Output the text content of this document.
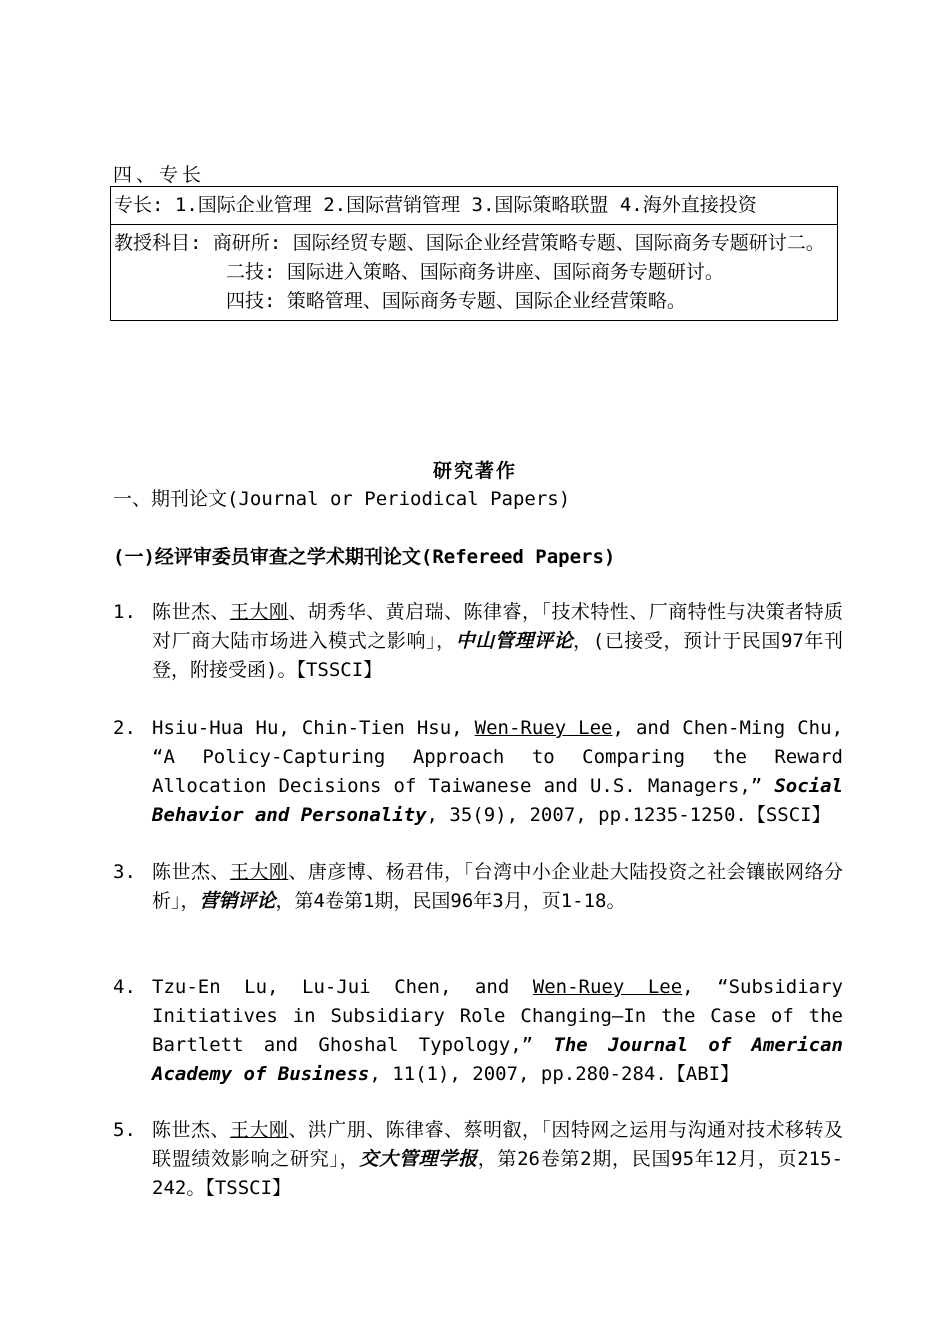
四、专长
专长: 1.国际企业管理 2.国际营销管理 3.国际策略联盟 4.海外直接投资
教授科目: 商研所: 国际经贸专题、国际企业经营策略专题、国际商务专题研讨二。
二技: 国际进入策略、国际商务讲座、国际商务专题研讨。
四技: 策略管理、国际商务专题、国际企业经营策略。
研究著作
一、期刊论文(Journal or Periodical Papers)
(一)经评审委员审查之学术期刊论文(Refereed Papers)
1. 陈世杰、王大刚、胡秀华、黄启瑞、陈律睿，「技术特性、厂商特性与决策者特质对厂商大陆市场进入模式之影响」，中山管理评论，(已接受，预计于民国97年刊登，附接受函)。【TSSCI】
2. Hsiu-Hua Hu, Chin-Tien Hsu, Wen-Ruey Lee, and Chen-Ming Chu, “A Policy-Capturing Approach to Comparing the Reward Allocation Decisions of Taiwanese and U.S. Managers,” Social Behavior and Personality, 35(9), 2007, pp.1235-1250.【SSCI】
3. 陈世杰、王大刚、唐彦博、杨君伟，「台湾中小企业赴大陆投资之社会镶嵌网络分析」，营销评论，第4卷第1期，民国96年3月，页1-18。
4. Tzu-En Lu, Lu-Jui Chen, and Wen-Ruey Lee, “Subsidiary Initiatives in Subsidiary Role Changing—In the Case of the Bartlett and Ghoshal Typology,” The Journal of American Academy of Business, 11(1), 2007, pp.280-284.【ABI】
5. 陈世杰、王大刚、洪广朋、陈律睿、蔡明叡，「因特网之运用与沟通对技术移转及联盟绩效影响之研究」，交大管理学报，第26卷第2期，民国95年12月，页215-242。【TSSCI】
